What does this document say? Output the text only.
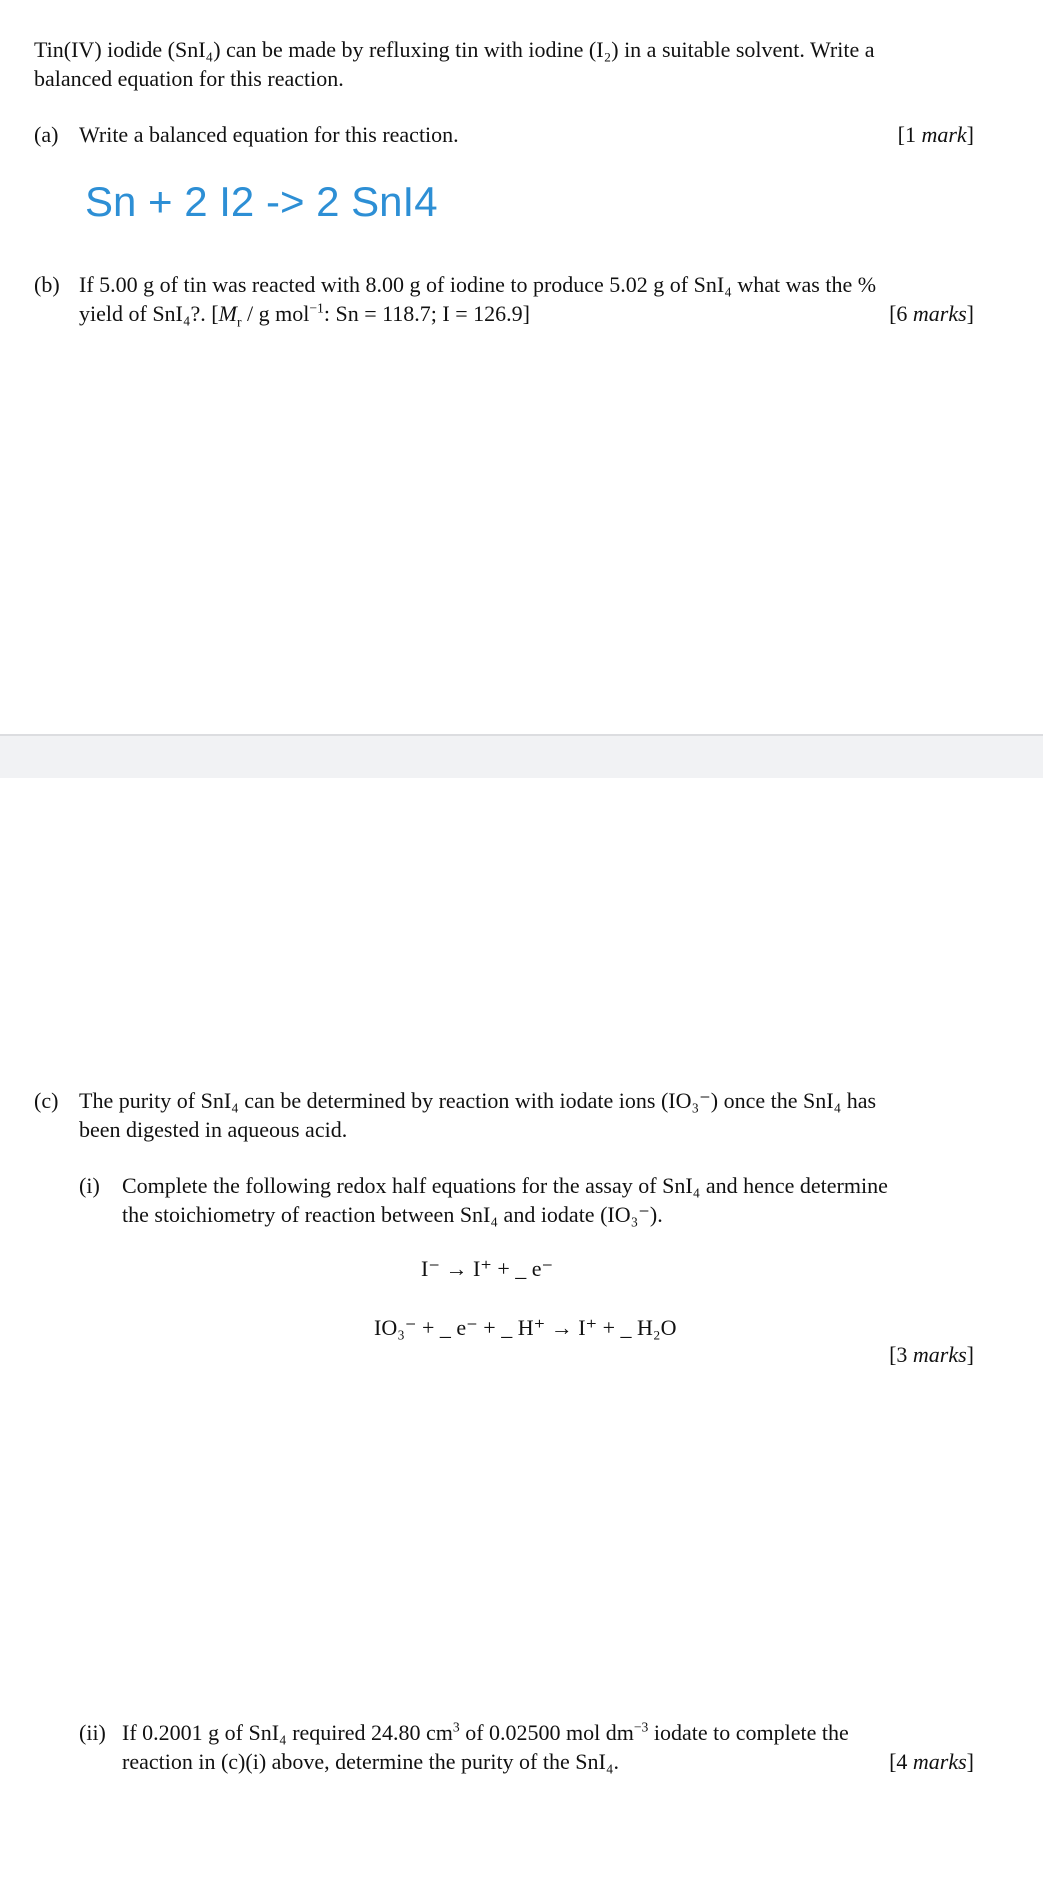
Tin(IV) iodide (SnI₄) can be made by refluxing tin with iodine (I₂) in a suitable solvent. Write a
balanced equation for this reaction.
(a) Write a balanced equation for this reaction.	[1 mark]
Sn + 2 I2 -> 2 SnI4
(b) If 5.00 g of tin was reacted with 8.00 g of iodine to produce 5.02 g of SnI₄ what was the %
yield of SnI₄?. [$M_r$ / g mol$^{-1}$: Sn = 118.7; I = 126.9]	[6 marks]
(c) The purity of SnI₄ can be determined by reaction with iodate ions (IO₃⁻) once the SnI₄ has
been digested in aqueous acid.
(i) Complete the following redox half equations for the assay of SnI₄ and hence determine
the stoichiometry of reaction between SnI₄ and iodate (IO₃⁻).
I⁻ → I⁺ + _ e⁻
IO₃⁻ + _ e⁻ + _ H⁺ → I⁺ + _ H₂O
[3 marks]
(ii) If 0.2001 g of SnI₄ required 24.80 $cm^3$ of 0.02500 mol $dm^{-3}$ iodate to complete the
reaction in (c)(i) above, determine the purity of the SnI₄.	[4 marks]
